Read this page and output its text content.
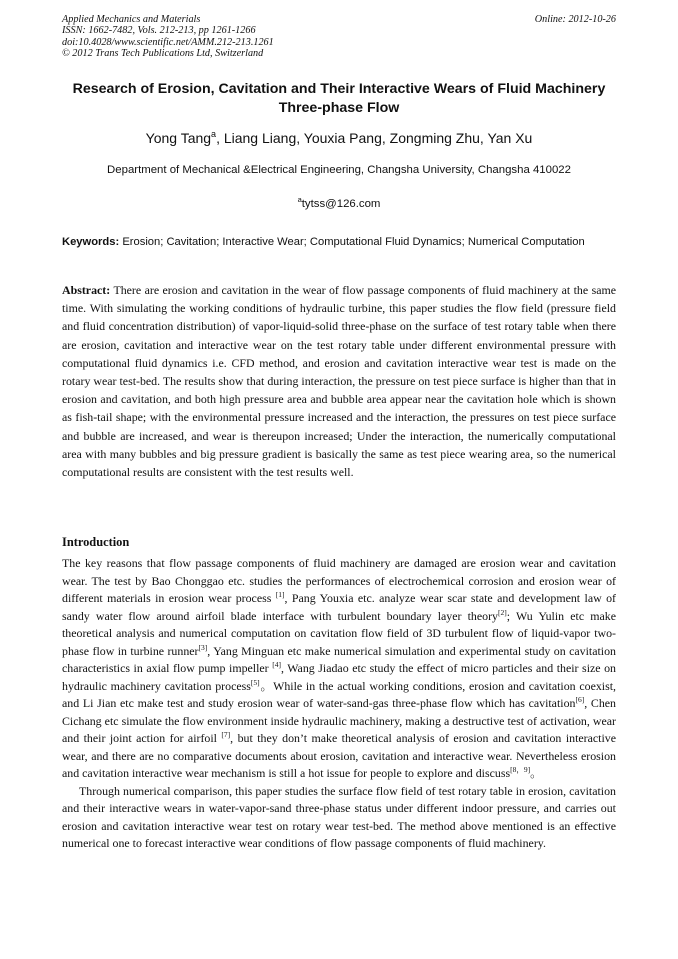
Applied Mechanics and Materials	Online: 2012-10-26
ISSN: 1662-7482, Vols. 212-213, pp 1261-1266
doi:10.4028/www.scientific.net/AMM.212-213.1261
© 2012 Trans Tech Publications Ltd, Switzerland
Research of Erosion, Cavitation and Their Interactive Wears of Fluid Machinery Three-phase Flow
Yong Tang$^a$, Liang Liang, Youxia Pang, Zongming Zhu, Yan Xu
Department of Mechanical &Electrical Engineering, Changsha University, Changsha 410022
$^a$tytss@126.com
Keywords: Erosion; Cavitation; Interactive Wear; Computational Fluid Dynamics; Numerical Computation
Abstract: There are erosion and cavitation in the wear of flow passage components of fluid machinery at the same time. With simulating the working conditions of hydraulic turbine, this paper studies the flow field (pressure field and fluid concentration distribution) of vapor-liquid-solid three-phase on the surface of test rotary table when there are erosion, cavitation and interactive wear on the test rotary table under different environmental pressure with computational fluid dynamics i.e. CFD method, and erosion and cavitation interactive wear test is made on the rotary wear test-bed. The results show that during interaction, the pressure on test piece surface is higher than that in erosion and cavitation, and both high pressure area and bubble area appear near the cavitation hole which is shown as fish-tail shape; with the environmental pressure increased and the interaction, the pressures on test piece surface and bubble are increased, and wear is thereupon increased; Under the interaction, the numerically computational area with many bubbles and big pressure gradient is basically the same as test piece wearing area, so the numerical computational results are consistent with the test results well.
Introduction

The key reasons that flow passage components of fluid machinery are damaged are erosion wear and cavitation wear. The test by Bao Chonggao etc. studies the performances of electrochemical corrosion and erosion wear of different materials in erosion wear process [1], Pang Youxia etc. analyze wear scar state and development law of sandy water flow around airfoil blade interface with turbulent boundary layer theory[2]; Wu Yulin etc make theoretical analysis and numerical computation on cavitation flow field of 3D turbulent flow of liquid-vapor two-phase flow in turbine runner[3], Yang Minguan etc make numerical simulation and experimental study on cavitation characteristics in axial flow pump impeller [4], Wang Jiadao etc study the effect of micro particles and their size on hydraulic machinery cavitation process[5]。While in the actual working conditions, erosion and cavitation coexist, and Li Jian etc make test and study erosion wear of water-sand-gas three-phase flow which has cavitation[6], Chen Cichang etc simulate the flow environment inside hydraulic machinery, making a destructive test of activation, wear and their joint action for airfoil [7], but they don’t make theoretical analysis of erosion and cavitation interactive wear, and there are no comparative documents about erosion, cavitation and interactive wear. Nevertheless erosion and cavitation interactive wear mechanism is still a hot issue for people to explore and discuss[8，9]。

Through numerical comparison, this paper studies the surface flow field of test rotary table in erosion, cavitation and their interactive wears in water-vapor-sand three-phase status under different indoor pressure, and carries out erosion and cavitation interactive wear test on rotary wear test-bed. The method above mentioned is an effective numerical one to forecast interactive wear conditions of flow passage components of fluid machinery.
